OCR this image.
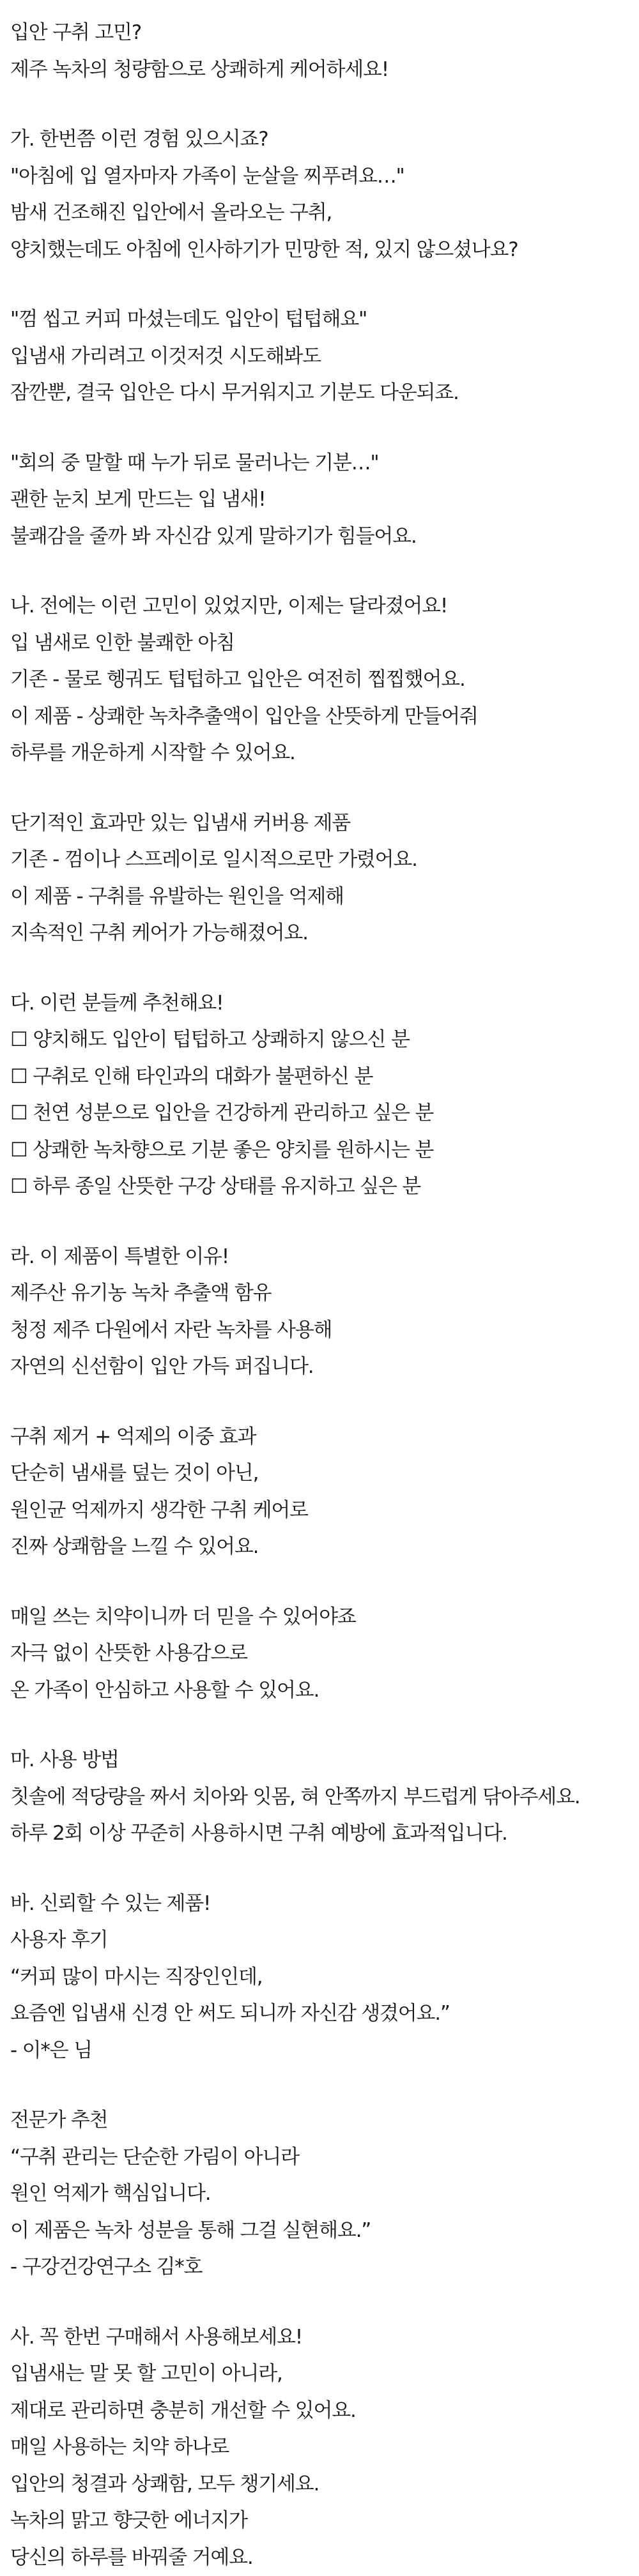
입안 구취 고민?
제주 녹차의 청량함으로 상쾌하게 케어하세요!
가. 한번쯤 이런 경험 있으시죠?
"아침에 입 열자마자 가족이 눈살을 찌푸려요…"
밤새 건조해진 입안에서 올라오는 구취,
양치했는데도 아침에 인사하기가 민망한 적, 있지 않으셨나요?
"껌 씹고 커피 마셨는데도 입안이 텁텁해요"
입냄새 가리려고 이것저것 시도해봐도
잠깐뿐, 결국 입안은 다시 무거워지고 기분도 다운되죠.
"회의 중 말할 때 누가 뒤로 물러나는 기분…"
괜한 눈치 보게 만드는 입 냄새!
불쾌감을 줄까 봐 자신감 있게 말하기가 힘들어요.
나. 전에는 이런 고민이 있었지만, 이제는 달라졌어요!
입 냄새로 인한 불쾌한 아침
기존 - 물로 헹궈도 텁텁하고 입안은 여전히 찝찝했어요.
이 제품 - 상쾌한 녹차추출액이 입안을 산뜻하게 만들어줘
하루를 개운하게 시작할 수 있어요.
단기적인 효과만 있는 입냄새 커버용 제품
기존 - 껌이나 스프레이로 일시적으로만 가렸어요.
이 제품 - 구취를 유발하는 원인을 억제해
지속적인 구취 케어가 가능해졌어요.
다. 이런 분들께 추천해요!
☐ 양치해도 입안이 텁텁하고 상쾌하지 않으신 분
☐ 구취로 인해 타인과의 대화가 불편하신 분
☐ 천연 성분으로 입안을 건강하게 관리하고 싶은 분
☐ 상쾌한 녹차향으로 기분 좋은 양치를 원하시는 분
☐ 하루 종일 산뜻한 구강 상태를 유지하고 싶은 분
라. 이 제품이 특별한 이유!
제주산 유기농 녹차 추출액 함유
청정 제주 다원에서 자란 녹차를 사용해
자연의 신선함이 입안 가득 퍼집니다.
구취 제거 + 억제의 이중 효과
단순히 냄새를 덮는 것이 아닌,
원인균 억제까지 생각한 구취 케어로
진짜 상쾌함을 느낄 수 있어요.
매일 쓰는 치약이니까 더 믿을 수 있어야죠
자극 없이 산뜻한 사용감으로
온 가족이 안심하고 사용할 수 있어요.
마. 사용 방법
칫솔에 적당량을 짜서 치아와 잇몸, 혀 안쪽까지 부드럽게 닦아주세요.
하루 2회 이상 꾸준히 사용하시면 구취 예방에 효과적입니다.
바. 신뢰할 수 있는 제품!
사용자 후기
“커피 많이 마시는 직장인인데,
요즘엔 입냄새 신경 안 써도 되니까 자신감 생겼어요.”
- 이*은 님
전문가 추천
“구취 관리는 단순한 가림이 아니라
원인 억제가 핵심입니다.
이 제품은 녹차 성분을 통해 그걸 실현해요.”
- 구강건강연구소 김*호
사. 꼭 한번 구매해서 사용해보세요!
입냄새는 말 못 할 고민이 아니라,
제대로 관리하면 충분히 개선할 수 있어요.
매일 사용하는 치약 하나로
입안의 청결과 상쾌함, 모두 챙기세요.
녹차의 맑고 향긋한 에너지가
당신의 하루를 바꿔줄 거예요.
